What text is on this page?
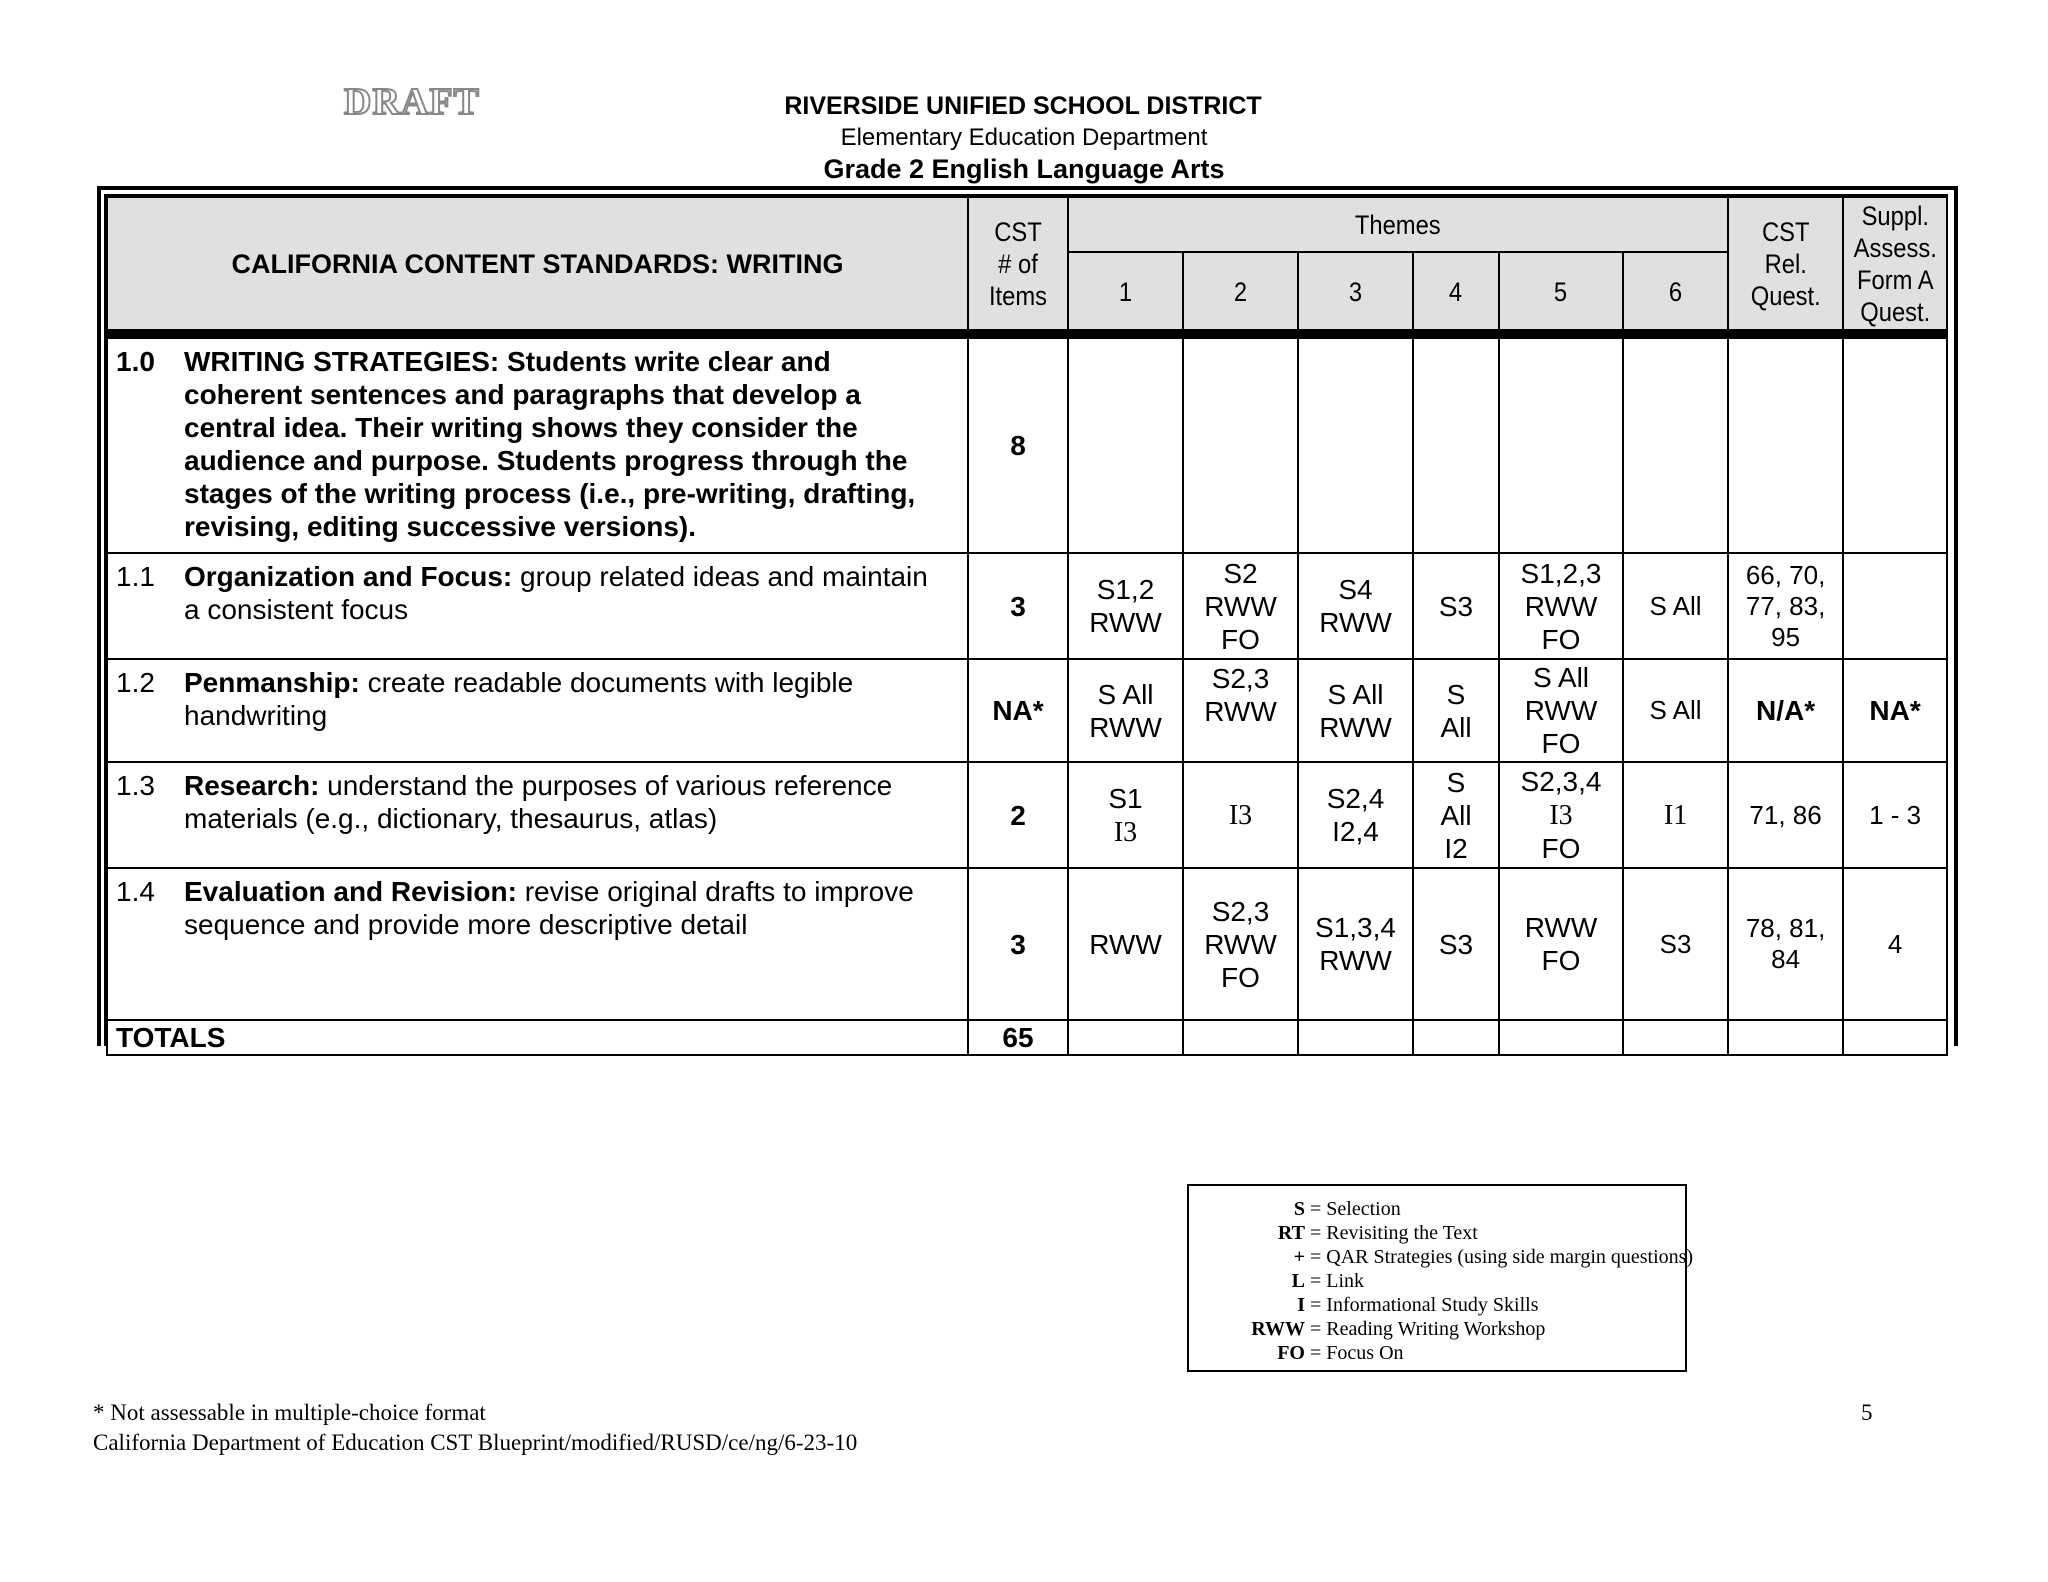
DRAFT	RIVERSIDE UNIFIED SCHOOL DISTRICT
Elementary Education Department
Grade 2 English Language Arts
CALIFORNIA CONTENT STANDARDS: WRITING	CST
# of
Items	Themes						CST
Rel.
Quest.	Suppl.
Assess.
Form A
Quest.
		1	2	3	4	5	6		

1.0 WRITING STRATEGIES: Students write clear and coherent sentences and paragraphs that develop a central idea. Their writing shows they consider the audience and purpose. Students progress through the stages of the writing process (i.e., pre-writing, drafting, revising, editing successive versions).	8								
1.1 Organization and Focus: group related ideas and maintain a consistent focus	3	S1,2
RWW	S2
RWW
FO	S4
RWW	S3	S1,2,3
RWW
FO	S All	66, 70,
77, 83,
95	
1.2 Penmanship: create readable documents with legible handwriting	NA*	S All
RWW	S2,3
RWW	S All
RWW	S
All	S All
RWW
FO	S All	N/A*	NA*
1.3 Research: understand the purposes of various reference materials (e.g., dictionary, thesaurus, atlas)	2	S1
I3	I3	S2,4
I2,4	S
All
I2	S2,3,4
I3
FO	I1	71, 86	1 - 3
1.4 Evaluation and Revision: revise original drafts to improve sequence and provide more descriptive detail	3	RWW	S2,3
RWW
FO	S1,3,4
RWW	S3	RWW
FO	S3	78, 81,
84	4
TOTALS	65								
S = Selection
RT = Revisiting the Text
+ = QAR Strategies (using side margin questions)
L = Link
I = Informational Study Skills
RWW = Reading Writing Workshop
FO = Focus On
* Not assessable in multiple-choice format
California Department of Education CST Blueprint/modified/RUSD/ce/ng/6-23-10
5
